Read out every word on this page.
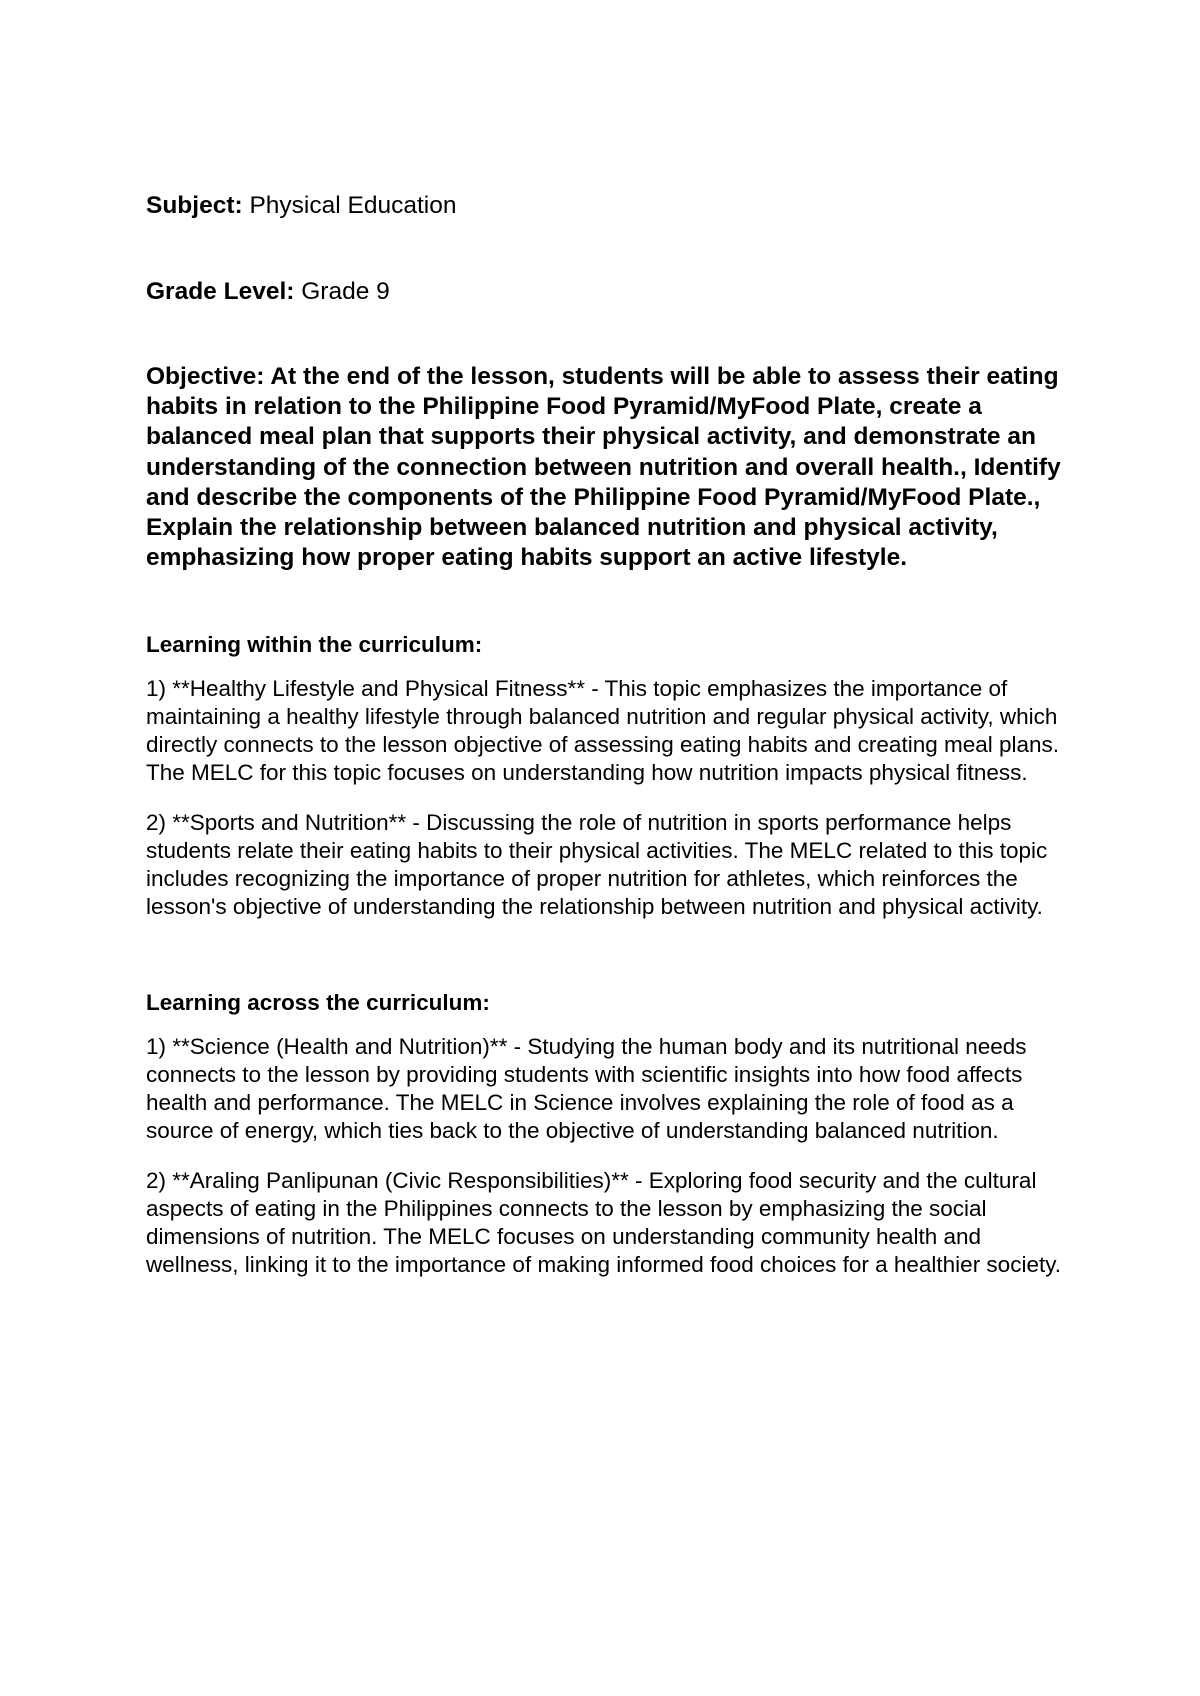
Subject: Physical Education

Grade Level: Grade 9

Objective: At the end of the lesson, students will be able to assess their eating habits in relation to the Philippine Food Pyramid/MyFood Plate, create a balanced meal plan that supports their physical activity, and demonstrate an understanding of the connection between nutrition and overall health., Identify and describe the components of the Philippine Food Pyramid/MyFood Plate., Explain the relationship between balanced nutrition and physical activity, emphasizing how proper eating habits support an active lifestyle.

Learning within the curriculum:

1) **Healthy Lifestyle and Physical Fitness** - This topic emphasizes the importance of maintaining a healthy lifestyle through balanced nutrition and regular physical activity, which directly connects to the lesson objective of assessing eating habits and creating meal plans. The MELC for this topic focuses on understanding how nutrition impacts physical fitness.

2) **Sports and Nutrition** - Discussing the role of nutrition in sports performance helps students relate their eating habits to their physical activities. The MELC related to this topic includes recognizing the importance of proper nutrition for athletes, which reinforces the lesson's objective of understanding the relationship between nutrition and physical activity.

Learning across the curriculum:

1) **Science (Health and Nutrition)** - Studying the human body and its nutritional needs connects to the lesson by providing students with scientific insights into how food affects health and performance. The MELC in Science involves explaining the role of food as a source of energy, which ties back to the objective of understanding balanced nutrition.

2) **Araling Panlipunan (Civic Responsibilities)** - Exploring food security and the cultural aspects of eating in the Philippines connects to the lesson by emphasizing the social dimensions of nutrition. The MELC focuses on understanding community health and wellness, linking it to the importance of making informed food choices for a healthier society.
